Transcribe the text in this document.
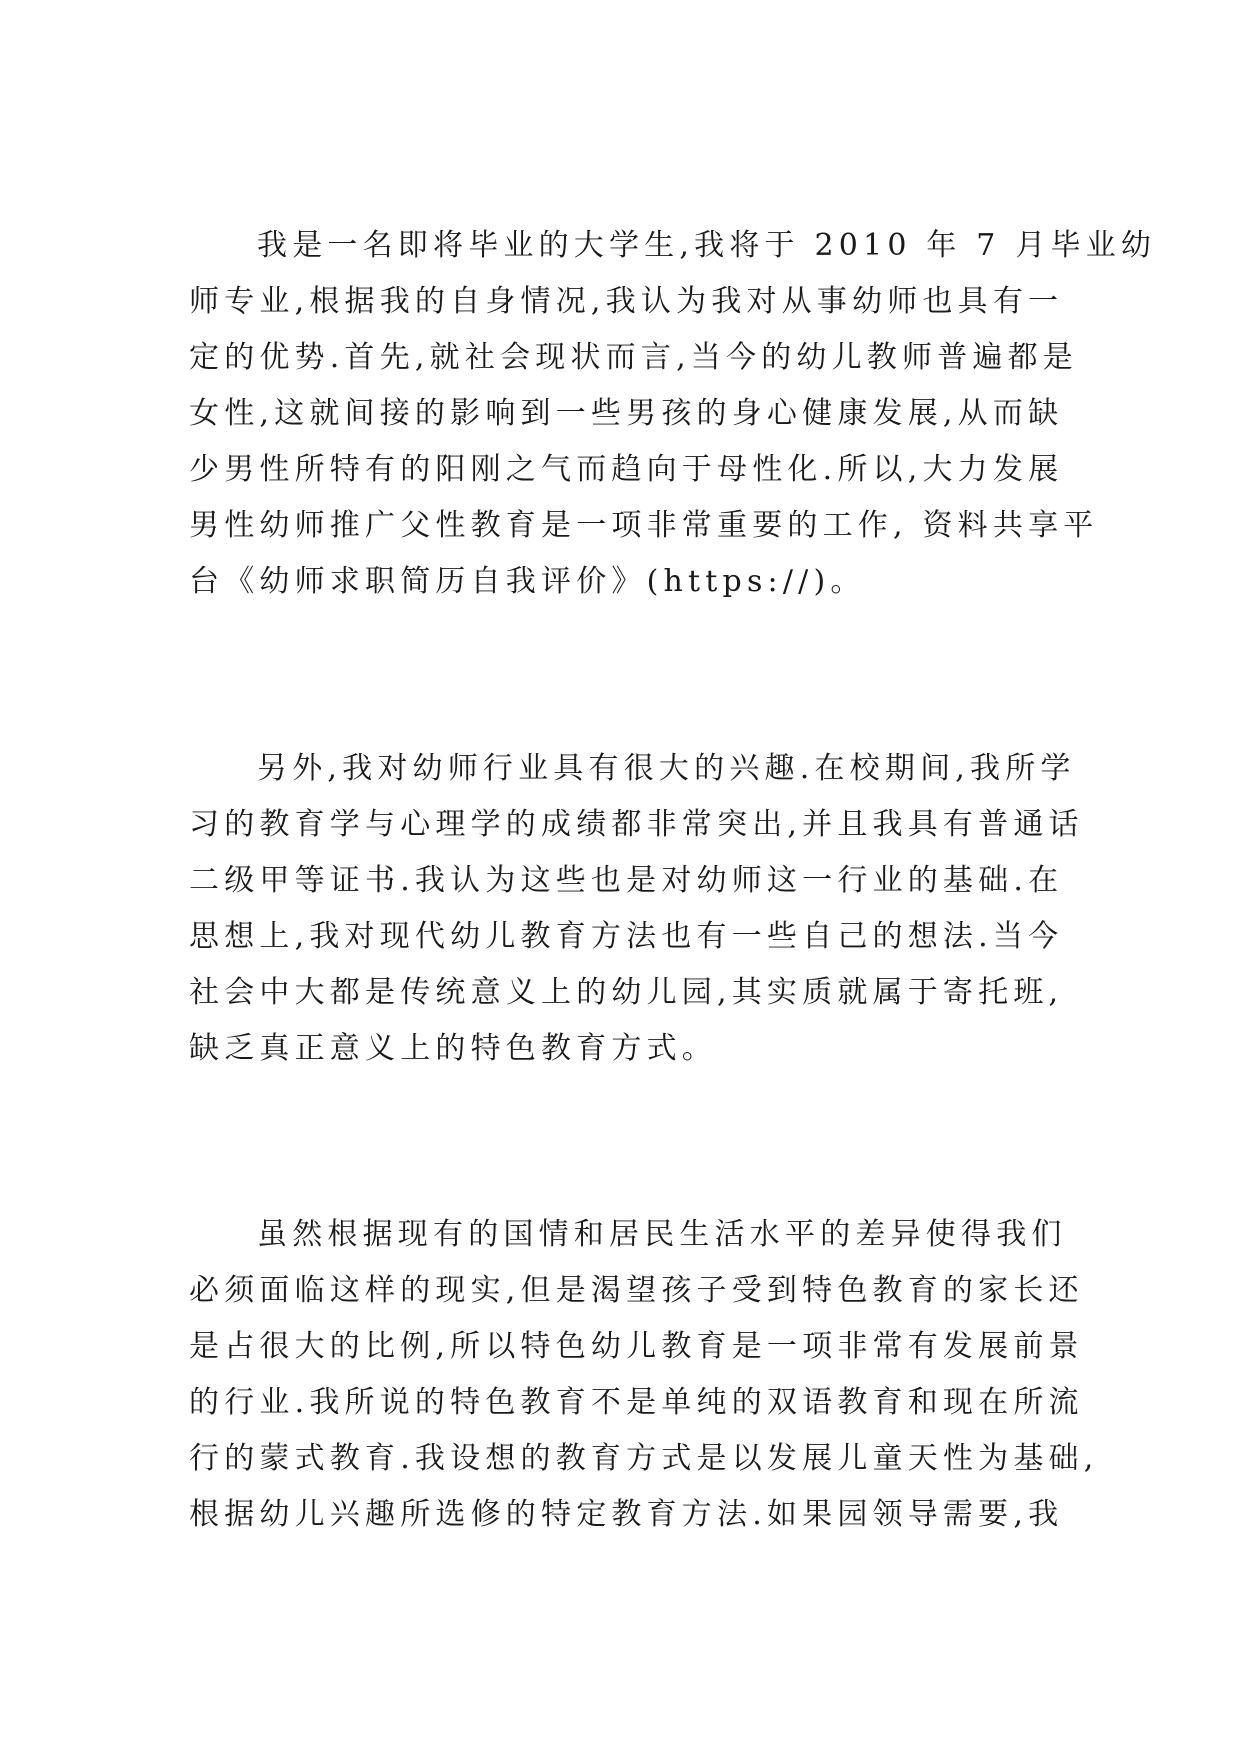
我是一名即将毕业的大学生,我将于 2010 年 7 月毕业幼
师专业,根据我的自身情况,我认为我对从事幼师也具有一
定的优势.首先,就社会现状而言,当今的幼儿教师普遍都是
女性,这就间接的影响到一些男孩的身心健康发展,从而缺
少男性所特有的阳刚之气而趋向于母性化.所以,大力发展
男性幼师推广父性教育是一项非常重要的工作, 资料共享平
台《幼师求职简历自我评价》(https://)。
另外,我对幼师行业具有很大的兴趣.在校期间,我所学
习的教育学与心理学的成绩都非常突出,并且我具有普通话
二级甲等证书.我认为这些也是对幼师这一行业的基础.在
思想上,我对现代幼儿教育方法也有一些自己的想法.当今
社会中大都是传统意义上的幼儿园,其实质就属于寄托班,
缺乏真正意义上的特色教育方式。
虽然根据现有的国情和居民生活水平的差异使得我们
必须面临这样的现实,但是渴望孩子受到特色教育的家长还
是占很大的比例,所以特色幼儿教育是一项非常有发展前景
的行业.我所说的特色教育不是单纯的双语教育和现在所流
行的蒙式教育.我设想的教育方式是以发展儿童天性为基础,
根据幼儿兴趣所选修的特定教育方法.如果园领导需要,我
